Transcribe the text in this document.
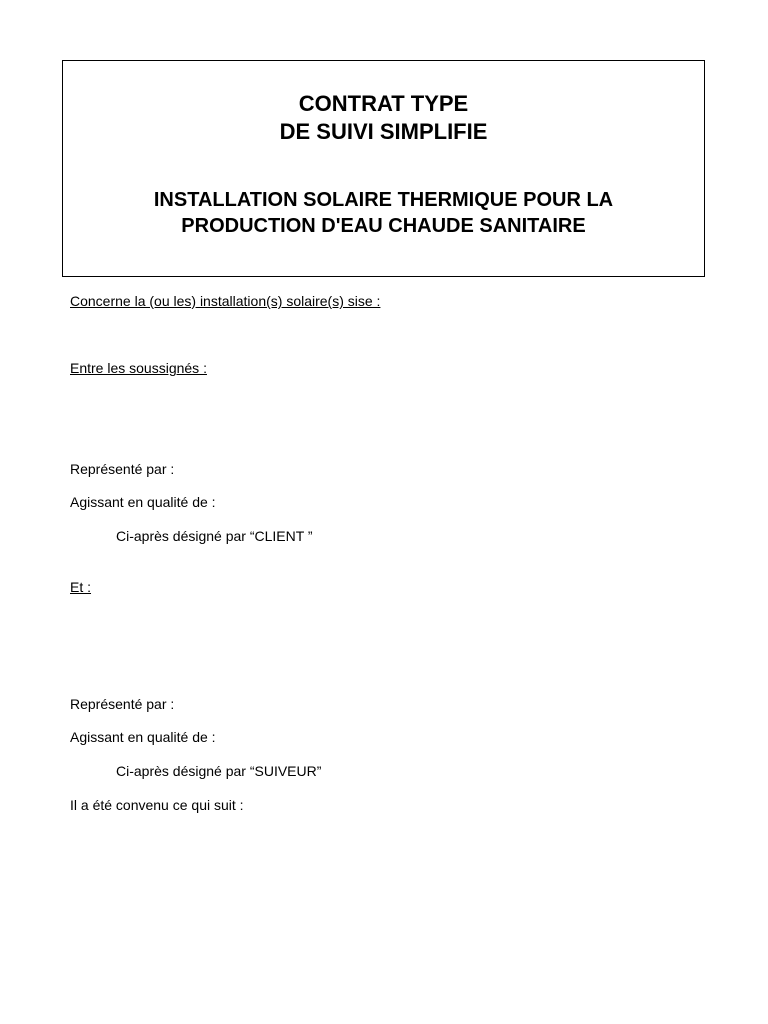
CONTRAT TYPE
DE SUIVI SIMPLIFIE
INSTALLATION SOLAIRE THERMIQUE POUR LA
PRODUCTION D'EAU CHAUDE SANITAIRE
Concerne la (ou les) installation(s) solaire(s) sise :
Entre les soussignés :
Représenté par :
Agissant en qualité de :
Ci-après désigné par “CLIENT ”
Et :
Représenté par :
Agissant en qualité de :
Ci-après désigné par “SUIVEUR”
Il a été convenu ce qui suit :
